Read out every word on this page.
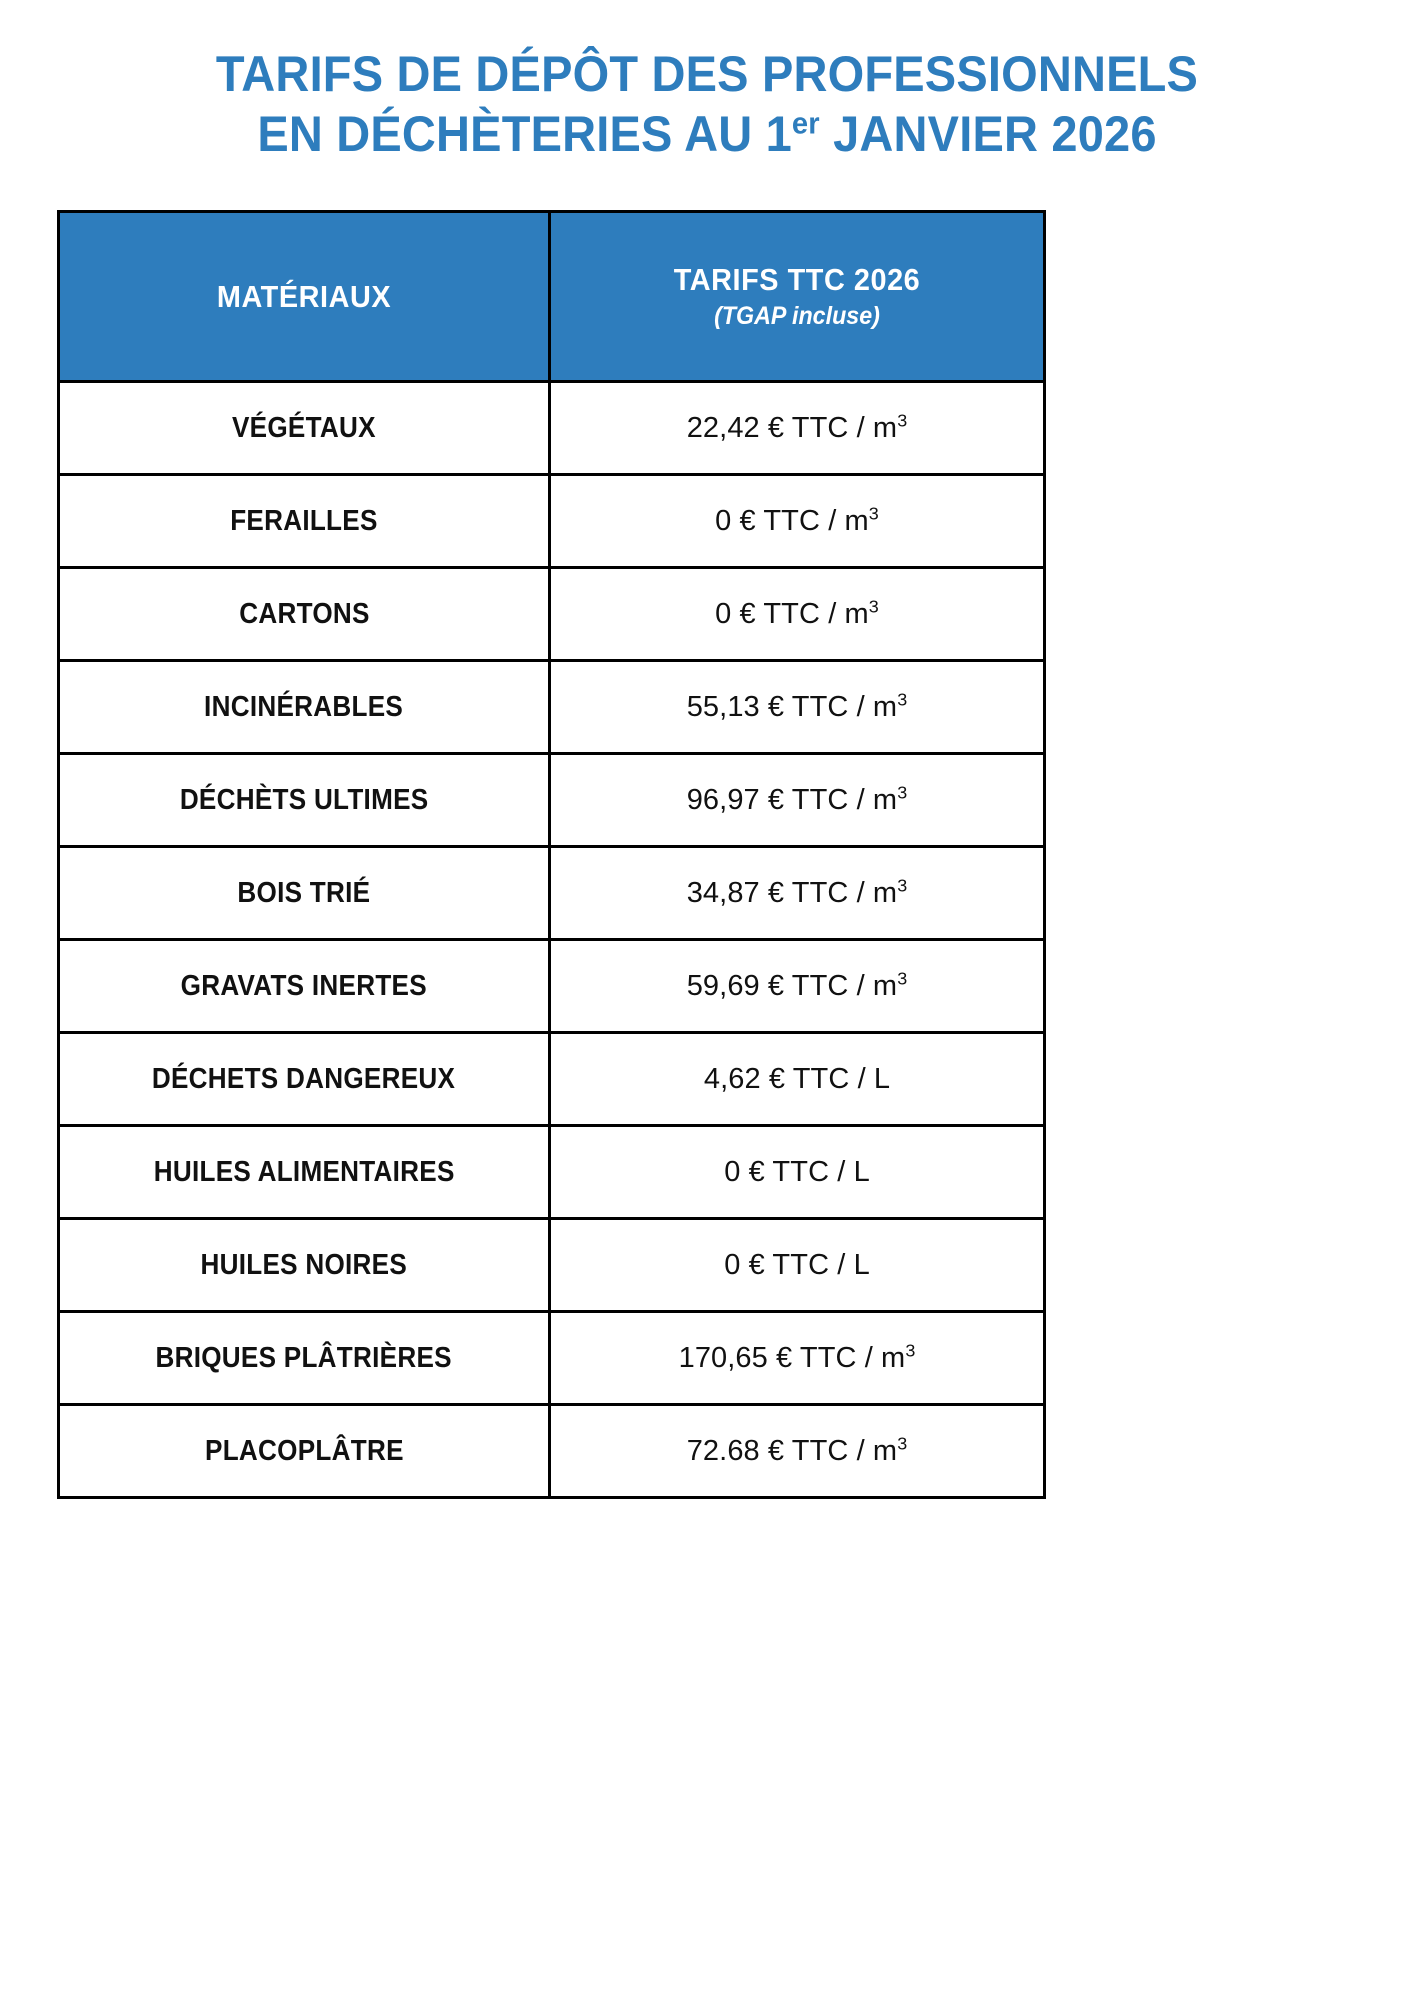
TARIFS DE DÉPÔT DES PROFESSIONNELS
EN DÉCHÈTERIES AU 1er JANVIER 2026
MATÉRIAUX	TARIFS TTC 2026
(TGAP incluse)

VÉGÉTAUX	22,42 € TTC / $m^3$
FERAILLES	0 € TTC / $m^3$
CARTONS	0 € TTC / $m^3$
INCINÉRABLES	55,13 € TTC / $m^3$
DÉCHÈTS ULTIMES	96,97 € TTC / $m^3$
BOIS TRIÉ	34,87 € TTC / $m^3$
GRAVATS INERTES	59,69 € TTC / $m^3$
DÉCHETS DANGEREUX	4,62 € TTC / L
HUILES ALIMENTAIRES	0 € TTC / L
HUILES NOIRES	0 € TTC / L
BRIQUES PLÂTRIÈRES	170,65 € TTC / $m^3$
PLACOPLÂTRE	72.68 € TTC / $m^3$
